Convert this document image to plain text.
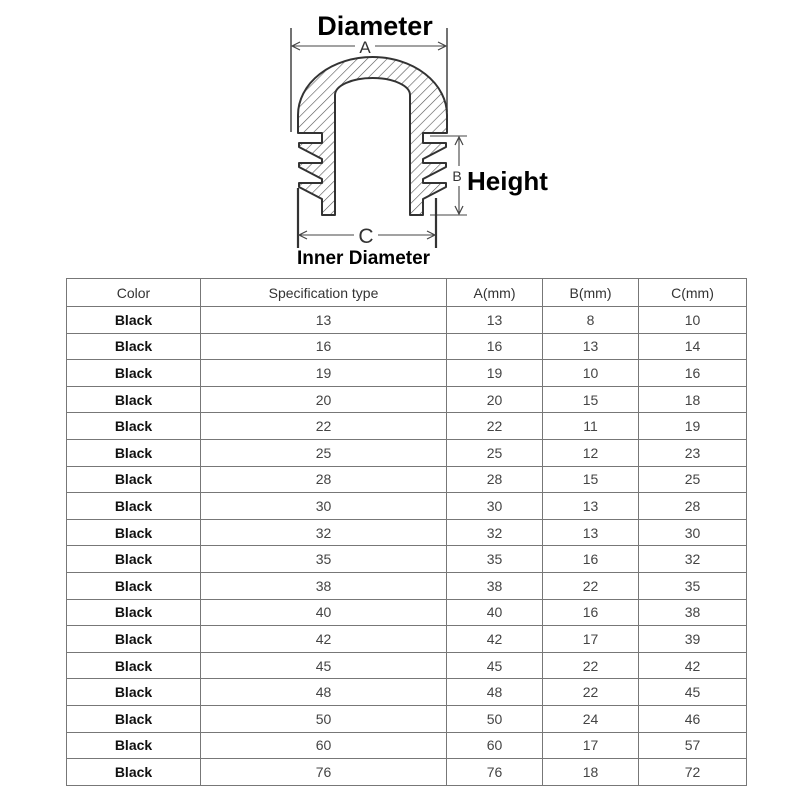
Diameter
A
B Height
C
Inner Diameter
Color	Specification type	A(mm)	B(mm)	C(mm)
Black	13	13	8	10
Black	16	16	13	14
Black	19	19	10	16
Black	20	20	15	18
Black	22	22	11	19
Black	25	25	12	23
Black	28	28	15	25
Black	30	30	13	28
Black	32	32	13	30
Black	35	35	16	32
Black	38	38	22	35
Black	40	40	16	38
Black	42	42	17	39
Black	45	45	22	42
Black	48	48	22	45
Black	50	50	24	46
Black	60	60	17	57
Black	76	76	18	72
